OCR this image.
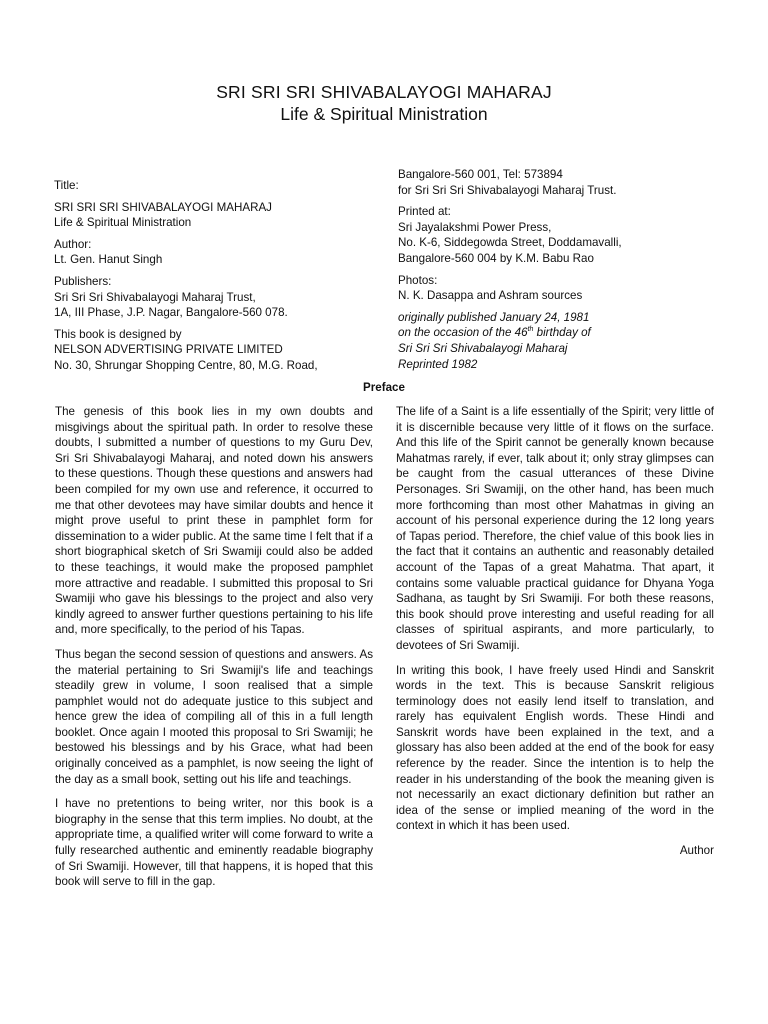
SRI SRI SRI SHIVABALAYOGI MAHARAJ
Life & Spiritual Ministration
Title:
SRI SRI SRI SHIVABALAYOGI MAHARAJ
Life & Spiritual Ministration
Author:
Lt. Gen. Hanut Singh
Publishers:
Sri Sri Sri Shivabalayogi Maharaj Trust,
1A, III Phase, J.P. Nagar, Bangalore-560 078.
This book is designed by
NELSON ADVERTISING PRIVATE LIMITED
No. 30, Shrungar Shopping Centre, 80, M.G. Road,
Bangalore-560 001, Tel: 573894
for Sri Sri Sri Shivabalayogi Maharaj Trust.
Printed at:
Sri Jayalakshmi Power Press,
No. K-6, Siddegowda Street, Doddamavalli,
Bangalore-560 004 by K.M. Babu Rao
Photos:
N. K. Dasappa and Ashram sources
originally published January 24, 1981
on the occasion of the 46th birthday of
Sri Sri Sri Shivabalayogi Maharaj
Reprinted 1982
Preface

The genesis of this book lies in my own doubts and misgivings about the spiritual path. In order to resolve these doubts, I submitted a number of questions to my Guru Dev, Sri Sri Shivabalayogi Maharaj, and noted down his answers to these questions. Though these questions and answers had been compiled for my own use and reference, it occurred to me that other devotees may have similar doubts and hence it might prove useful to print these in pamphlet form for dissemination to a wider public. At the same time I felt that if a short biographical sketch of Sri Swamiji could also be added to these teachings, it would make the proposed pamphlet more attractive and readable. I submitted this proposal to Sri Swamiji who gave his blessings to the project and also very kindly agreed to answer further questions pertaining to his life and, more specifically, to the period of his Tapas.

Thus began the second session of questions and answers. As the material pertaining to Sri Swamiji's life and teachings steadily grew in volume, I soon realised that a simple pamphlet would not do adequate justice to this subject and hence grew the idea of compiling all of this in a full length booklet. Once again I mooted this proposal to Sri Swamiji; he bestowed his blessings and by his Grace, what had been originally conceived as a pamphlet, is now seeing the light of the day as a small book, setting out his life and teachings.

I have no pretentions to being writer, nor this book is a biography in the sense that this term implies. No doubt, at the appropriate time, a qualified writer will come forward to write a fully researched authentic and eminently readable biography of Sri Swamiji. However, till that happens, it is hoped that this book will serve to fill in the gap.

The life of a Saint is a life essentially of the Spirit; very little of it is discernible because very little of it flows on the surface. And this life of the Spirit cannot be generally known because Mahatmas rarely, if ever, talk about it; only stray glimpses can be caught from the casual utterances of these Divine Personages. Sri Swamiji, on the other hand, has been much more forthcoming than most other Mahatmas in giving an account of his personal experience during the 12 long years of Tapas period. Therefore, the chief value of this book lies in the fact that it contains an authentic and reasonably detailed account of the Tapas of a great Mahatma. That apart, it contains some valuable practical guidance for Dhyana Yoga Sadhana, as taught by Sri Swamiji. For both these reasons, this book should prove interesting and useful reading for all classes of spiritual aspirants, and more particularly, to devotees of Sri Swamiji.

In writing this book, I have freely used Hindi and Sanskrit words in the text. This is because Sanskrit religious terminology does not easily lend itself to translation, and rarely has equivalent English words. These Hindi and Sanskrit words have been explained in the text, and a glossary has also been added at the end of the book for easy reference by the reader. Since the intention is to help the reader in his understanding of the book the meaning given is not necessarily an exact dictionary definition but rather an idea of the sense or implied meaning of the word in the context in which it has been used.

Author
